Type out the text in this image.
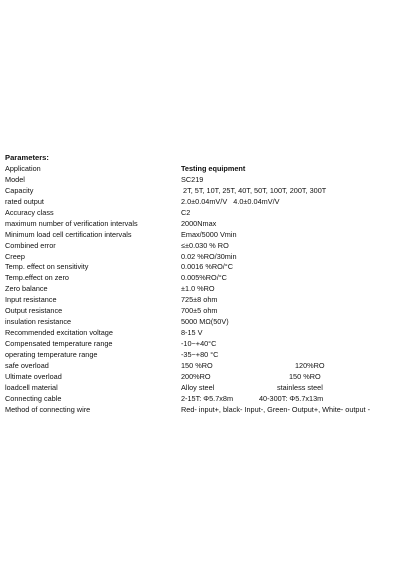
Parameters:
Application	Testing equipment
Model	SC219
Capacity	2T, 5T, 10T, 25T, 40T, 50T, 100T, 200T, 300T
rated output	2.0±0.04mV/V   4.0±0.04mV/V
Accuracy class	C2
maximum number of verification intervals	2000Nmax
Minimum load cell certification intervals	Emax/5000 Vmin
Combined error	≤±0.030 % RO
Creep	0.02 %RO/30min
Temp. effect on sensitivity	0.0016 %RO/°C
Temp.effect on zero	0.005%RO/°C
Zero balance	±1.0 %RO
Input resistance	725±8 ohm
Output resistance	700±5 ohm
insulation resistance	5000 MΩ(50V)
Recommended excitation voltage	8-15 V
Compensated temperature range	-10~+40°C
operating temperature range	-35~+80 °C
safe overload	150 %RO	120%RO
Ultimate overload	200%RO	150 %RO
loadcell material	Alloy steel	stainless steel
Connecting cable	2-15T: Φ5.7x8m	40-300T: Φ5.7x13m
Method of connecting wire	Red- input+, black- Input-, Green- Output+, White- output -
